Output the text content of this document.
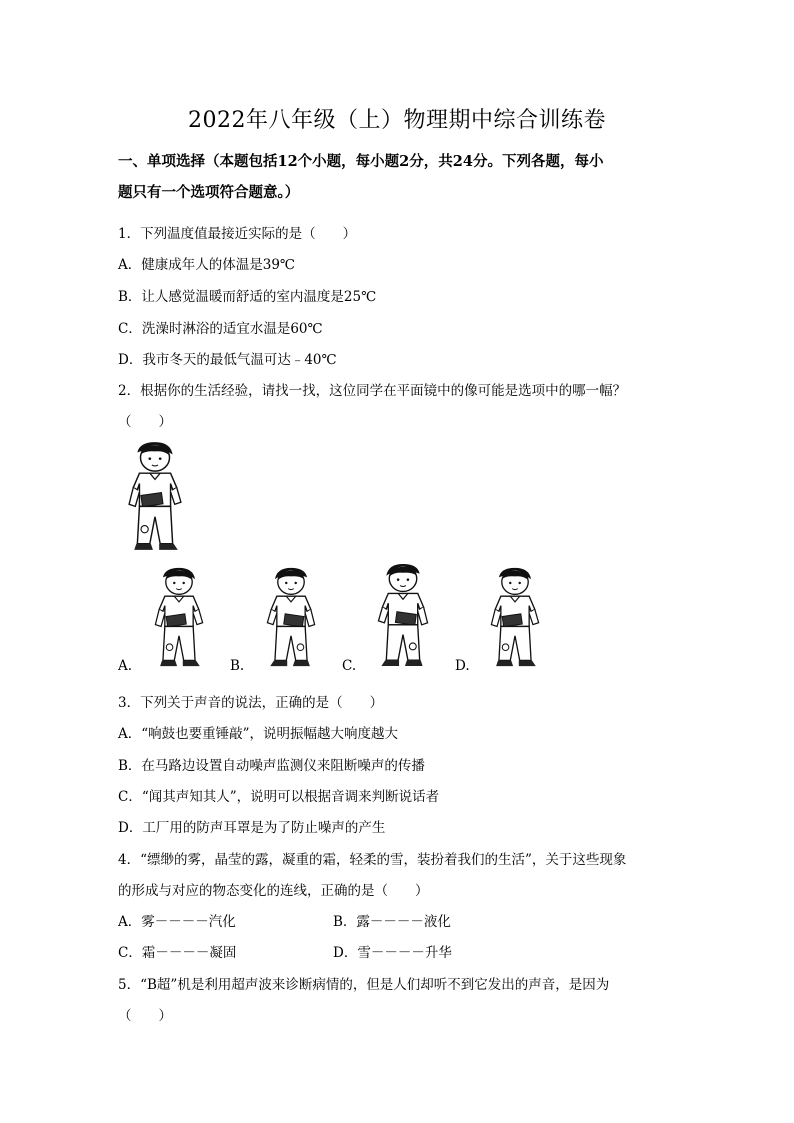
2022年八年级（上）物理期中综合训练卷
一、单项选择（本题包括12个小题，每小题2分，共24分。下列各题，每小
题只有一个选项符合题意。）
1．下列温度值最接近实际的是（　　）
A．健康成年人的体温是39℃
B．让人感觉温暖而舒适的室内温度是25℃
C．洗澡时淋浴的适宜水温是60℃
D．我市冬天的最低气温可达﹣40℃
2．根据你的生活经验，请找一找，这位同学在平面镜中的像可能是选项中的哪一幅？
（　　）
A.	B.	C.	D.
3．下列关于声音的说法，正确的是（　　）
A．“响鼓也要重锤敲”，说明振幅越大响度越大
B．在马路边设置自动噪声监测仪来阻断噪声的传播
C．“闻其声知其人”，说明可以根据音调来判断说话者
D．工厂用的防声耳罩是为了防止噪声的产生
4．“缥缈的雾，晶莹的露，凝重的霜，轻柔的雪，装扮着我们的生活”，关于这些现象
的形成与对应的物态变化的连线，正确的是（　　）
A．雾－－－－汽化	B．露－－－－液化
C．霜－－－－凝固	D．雪－－－－升华
5．“B超”机是利用超声波来诊断病情的，但是人们却听不到它发出的声音，是因为
（　　）
